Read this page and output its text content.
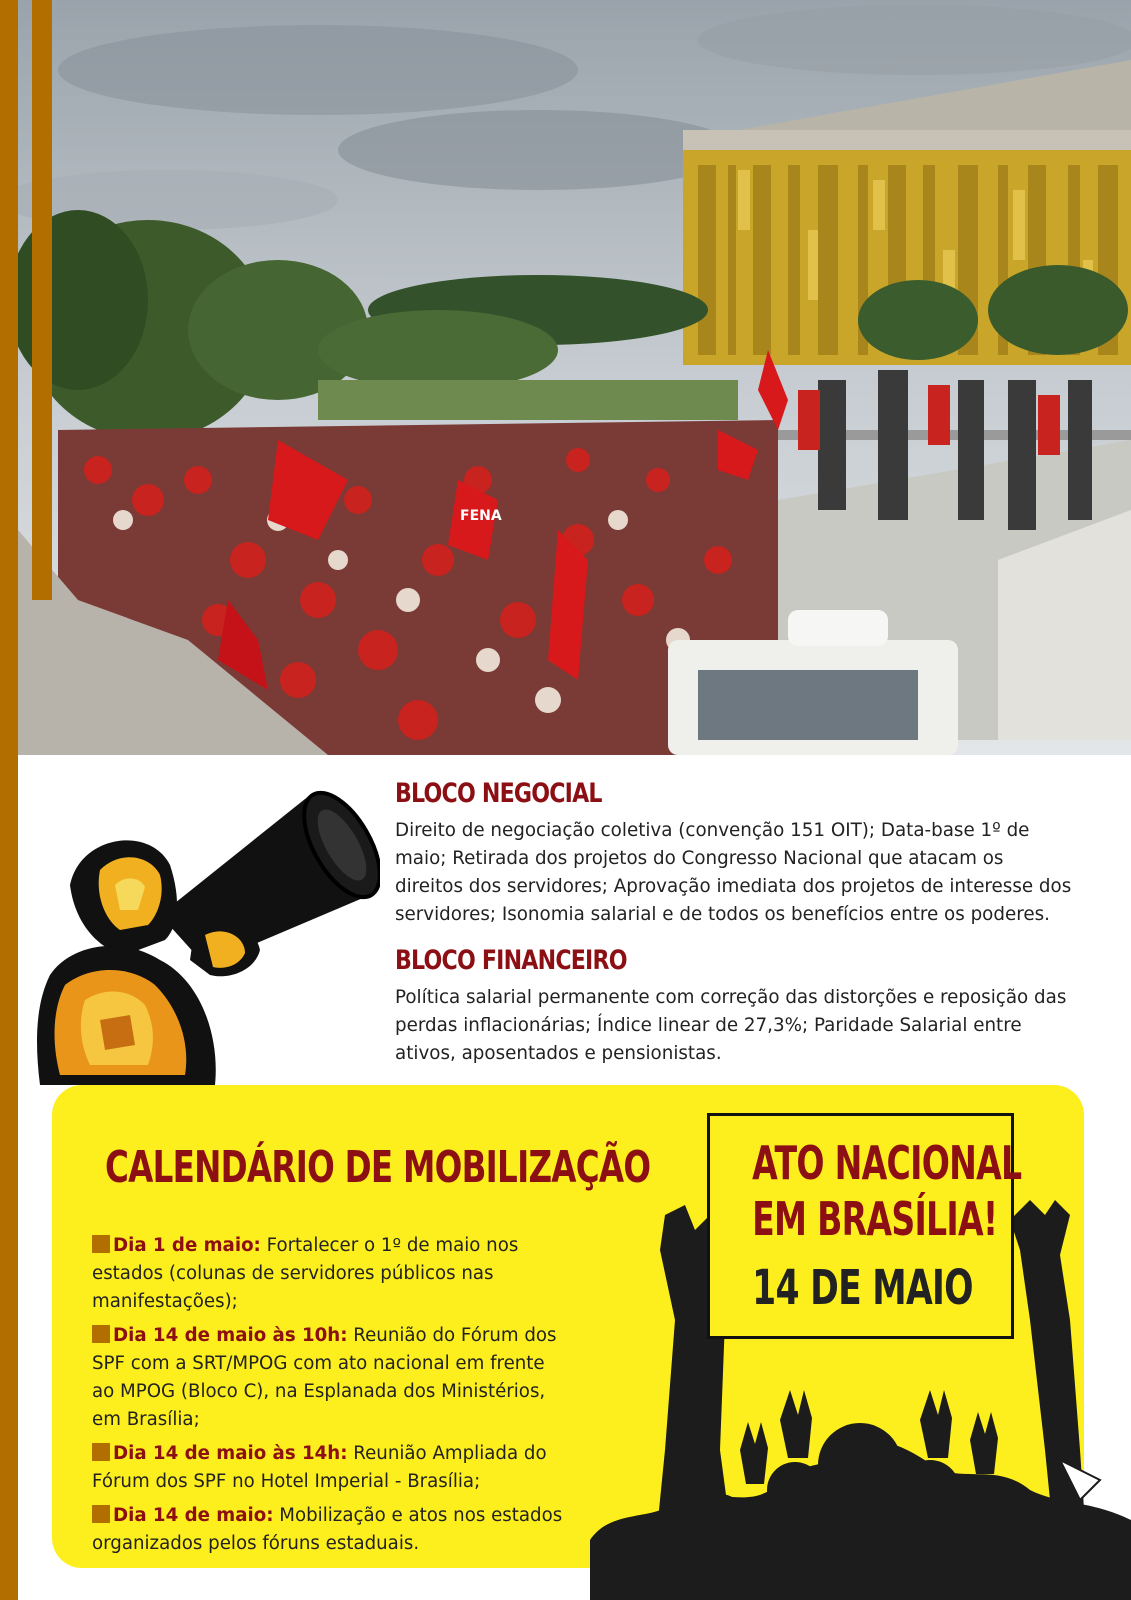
FENA
BLOCO NEGOCIAL

Direito de negociação coletiva (convenção 151 OIT); Data-base 1º de maio; Retirada dos projetos do Congresso Nacional que atacam os direitos dos servidores; Aprovação imediata dos projetos de interesse dos servidores; Isonomia salarial e de todos os benefícios entre os poderes.

BLOCO FINANCEIRO

Política salarial permanente com correção das distorções e reposição das perdas inflacionárias; Índice linear de 27,3%; Paridade Salarial entre ativos, aposentados e pensionistas.

CALENDÁRIO DE MOBILIZAÇÃO
Dia 1 de maio: Fortalecer o 1º de maio nos estados (colunas de servidores públicos nas manifestações);
Dia 14 de maio às 10h: Reunião do Fórum dos SPF com a SRT/MPOG com ato nacional em frente ao MPOG (Bloco C), na Esplanada dos Ministérios, em Brasília;
Dia 14 de maio às 14h: Reunião Ampliada do Fórum dos SPF no Hotel Imperial - Brasília;
Dia 14 de maio: Mobilização e atos nos estados organizados pelos fóruns estaduais.
ATO NACIONAL
EM BRASÍLIA!
14 DE MAIO
